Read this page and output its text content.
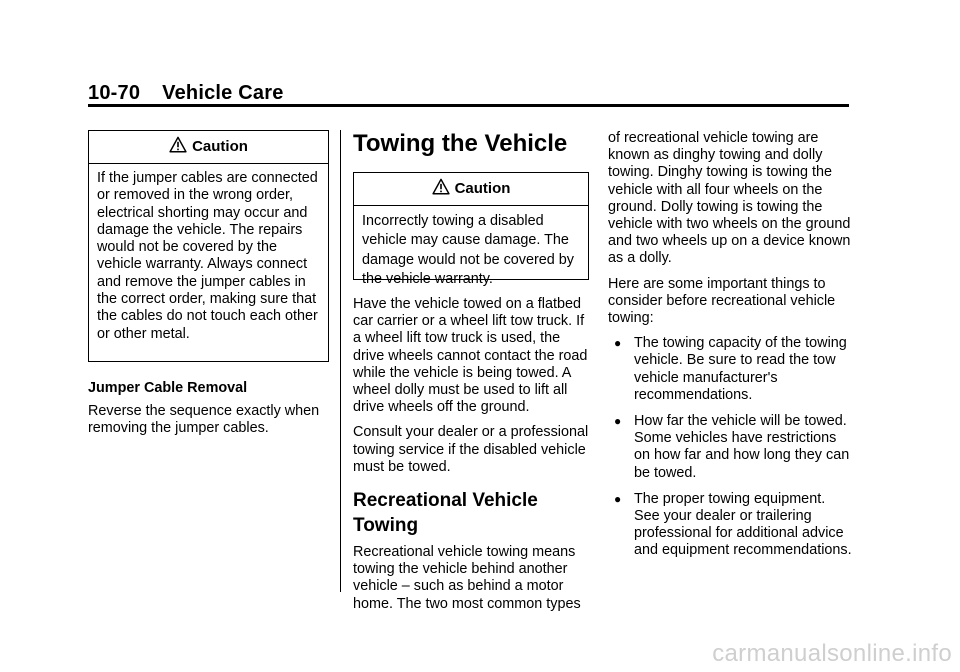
10-70 Vehicle Care
Caution
If the jumper cables are connected or removed in the wrong order, electrical shorting may occur and damage the vehicle. The repairs would not be covered by the vehicle warranty. Always connect and remove the jumper cables in the correct order, making sure that the cables do not touch each other or other metal.
Jumper Cable Removal

Reverse the sequence exactly when removing the jumper cables.

Towing the Vehicle
Caution
Incorrectly towing a disabled vehicle may cause damage. The damage would not be covered by the vehicle warranty.

Have the vehicle towed on a flatbed car carrier or a wheel lift tow truck. If a wheel lift tow truck is used, the drive wheels cannot contact the road while the vehicle is being towed. A wheel dolly must be used to lift all drive wheels off the ground.

Consult your dealer or a professional towing service if the disabled vehicle must be towed.

Recreational Vehicle Towing

Recreational vehicle towing means towing the vehicle behind another vehicle – such as behind a motor home. The two most common types

of recreational vehicle towing are known as dinghy towing and dolly towing. Dinghy towing is towing the vehicle with all four wheels on the ground. Dolly towing is towing the vehicle with two wheels on the ground and two wheels up on a device known as a dolly.

Here are some important things to consider before recreational vehicle towing:

● The towing capacity of the towing vehicle. Be sure to read the tow vehicle manufacturer's recommendations.
● How far the vehicle will be towed. Some vehicles have restrictions on how far and how long they can be towed.
● The proper towing equipment. See your dealer or trailering professional for additional advice and equipment recommendations.
carmanualsonline.info
